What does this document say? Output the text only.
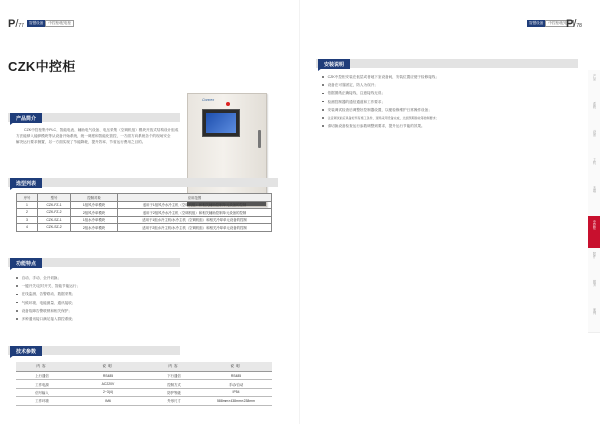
P/77
智慧设备	中控柜/配电柜	智慧设备	中控柜/配电柜
P/78
CZK中控柜
Connex
产品简介
CZK中控柜集中PLC、智能电表、辅助电气设备、电压采集（空调机组）模块开放式结构设计组成
方法能够入能够模块等从设备开始系统，统一调度和智能化管控，一方面方向系统各个的现场安全
解决运行要求侧置，另一方面实现了节能降耗，提升效率、节省运行费用之目的。
选型列表
序号	型号	控制对象	应用范围
1	CZK-FZ-1	1组风冷单模块	适用于1组风冷水冷主机（空调机组）和相关辅助控制单元设备的控制
2	CZK-FZ-2	2组风冷单模块	适用于2组风冷水冷主机（空调机组）和相关辅助控制单元设备的控制
3	CZK-SZ-1	1组水冷单模块	适用于1组水冷主机/水冷主机（空调机组）和相关冷却单元设备的控制
4	CZK-SZ-2	2组水冷单模块	适用于2组水冷主机/水冷主机（空调机组）和相关冷却单元设备的控制
功能特点
自动、手动、全开切换；
一键开关/定时开关、智能节能运行；
在线监测、告警联动、数据采集；
气候环境、电能测量、通讯接收；
设备故障告警联锁和相关保护；
多种通讯接口满足接入群控系统；
技术参数
内容	说明	内容	说明
上行通信	RS485	下行通信	RS485
工作电源	AC220V	控制方式	手动/自动
信号输入	2~3(4)	防护等级	IP54
工作环境	IM6	外形尺寸	588mm×438mm×238mm
安装说明
CZK中控柜安装在低层或者地下室设备间，安装位置应便于检修接线；
设备在可靠固定，防人为误开；
依据图纸正确接线，注意接线无误；
检测控制器的通信通道和工作要求；
安装调试检查后调整好控制器设置，以便检修维护日常操作设备；
注意调试前应具备好所有施工条件，现场采用设备完成，达到预期验收等控制要求；
请切换设备检查运行参数调整到要求，提升运行节能的效果。
产品
系统
设备
主机
末端
中控柜
附件
服务
案例
